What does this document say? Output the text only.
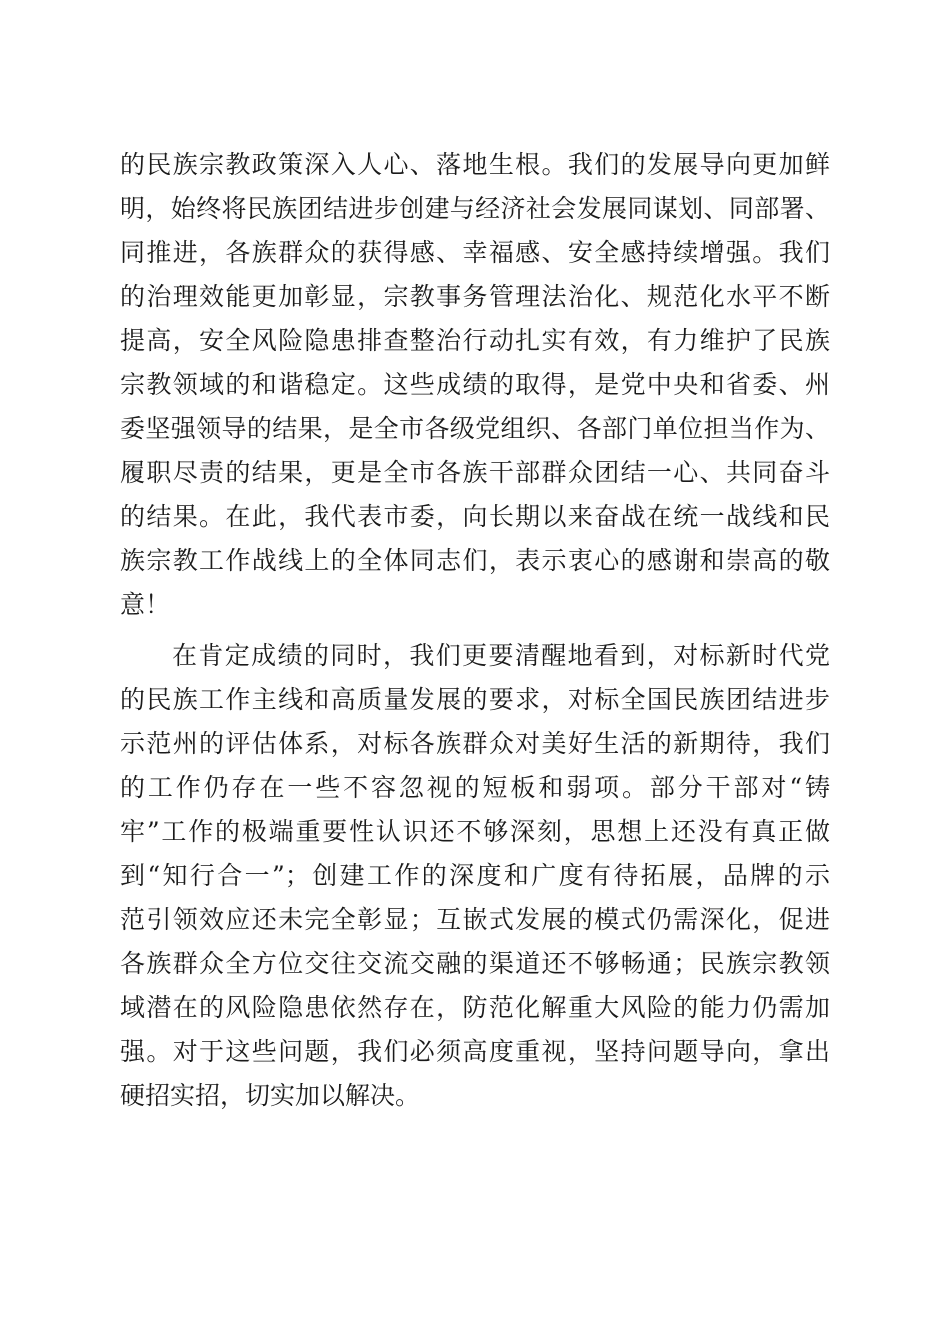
的民族宗教政策深入人心、落地生根。我们的发展导向更加鲜

明，始终将民族团结进步创建与经济社会发展同谋划、同部署、

同推进，各族群众的获得感、幸福感、安全感持续增强。我们

的治理效能更加彰显，宗教事务管理法治化、规范化水平不断

提高，安全风险隐患排查整治行动扎实有效，有力维护了民族

宗教领域的和谐稳定。这些成绩的取得，是党中央和省委、州

委坚强领导的结果，是全市各级党组织、各部门单位担当作为、

履职尽责的结果，更是全市各族干部群众团结一心、共同奋斗

的结果。在此，我代表市委，向长期以来奋战在统一战线和民

族宗教工作战线上的全体同志们，表示衷心的感谢和崇高的敬

意！

在肯定成绩的同时，我们更要清醒地看到，对标新时代党

的民族工作主线和高质量发展的要求，对标全国民族团结进步

示范州的评估体系，对标各族群众对美好生活的新期待，我们

的工作仍存在一些不容忽视的短板和弱项。部分干部对“铸

牢”工作的极端重要性认识还不够深刻，思想上还没有真正做

到“知行合一”；创建工作的深度和广度有待拓展，品牌的示

范引领效应还未完全彰显；互嵌式发展的模式仍需深化，促进

各族群众全方位交往交流交融的渠道还不够畅通；民族宗教领

域潜在的风险隐患依然存在，防范化解重大风险的能力仍需加

强。对于这些问题，我们必须高度重视，坚持问题导向，拿出

硬招实招，切实加以解决。
